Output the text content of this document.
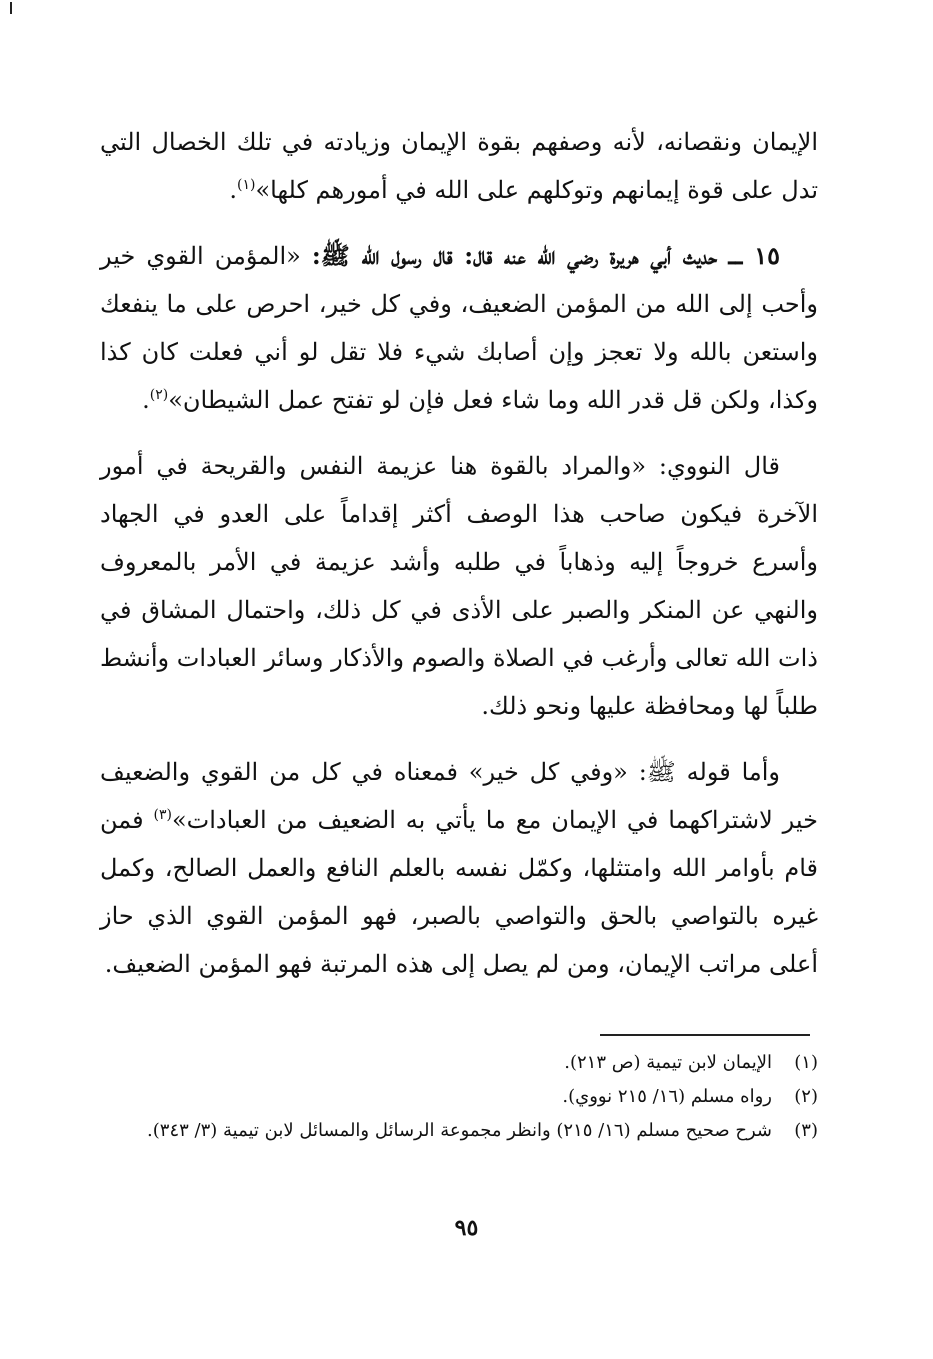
الإيمان ونقصانه، لأنه وصفهم بقوة الإيمان وزيادته في تلك الخصال التي تدل على قوة إيمانهم وتوكلهم على الله في أمورهم كلها»$^{(١)}$.

١٥ ــ حديث أبي هريرة رضي الله عنه قال: قال رسول الله ﷺ: «المؤمن القوي خير وأحب إلى الله من المؤمن الضعيف، وفي كل خير، احرص على ما ينفعك واستعن بالله ولا تعجز وإن أصابك شيء فلا تقل لو أني فعلت كان كذا وكذا، ولكن قل قدر الله وما شاء فعل فإن لو تفتح عمل الشيطان»$^{(٢)}$.

قال النووي: «والمراد بالقوة هنا عزيمة النفس والقريحة في أمور الآخرة فيكون صاحب هذا الوصف أكثر إقداماً على العدو في الجهاد وأسرع خروجاً إليه وذهاباً في طلبه وأشد عزيمة في الأمر بالمعروف والنهي عن المنكر والصبر على الأذى في كل ذلك، واحتمال المشاق في ذات الله تعالى وأرغب في الصلاة والصوم والأذكار وسائر العبادات وأنشط طلباً لها ومحافظة عليها ونحو ذلك.

وأما قوله ﷺ: «وفي كل خير» فمعناه في كل من القوي والضعيف خير لاشتراكهما في الإيمان مع ما يأتي به الضعيف من العبادات»$^{(٣)}$ فمن قام بأوامر الله وامتثلها، وكمّل نفسه بالعلم النافع والعمل الصالح، وكمل غيره بالتواصي بالحق والتواصي بالصبر، فهو المؤمن القوي الذي حاز أعلى مراتب الإيمان، ومن لم يصل إلى هذه المرتبة فهو المؤمن الضعيف.

(١)
الإيمان لابن تيمية (ص ٢١٣).
(٢)
رواه مسلم (١٦/ ٢١٥ نووي).
(٣)
شرح صحيح مسلم (١٦/ ٢١٥) وانظر مجموعة الرسائل والمسائل لابن تيمية (٣/ ٣٤٣).
٩٥
